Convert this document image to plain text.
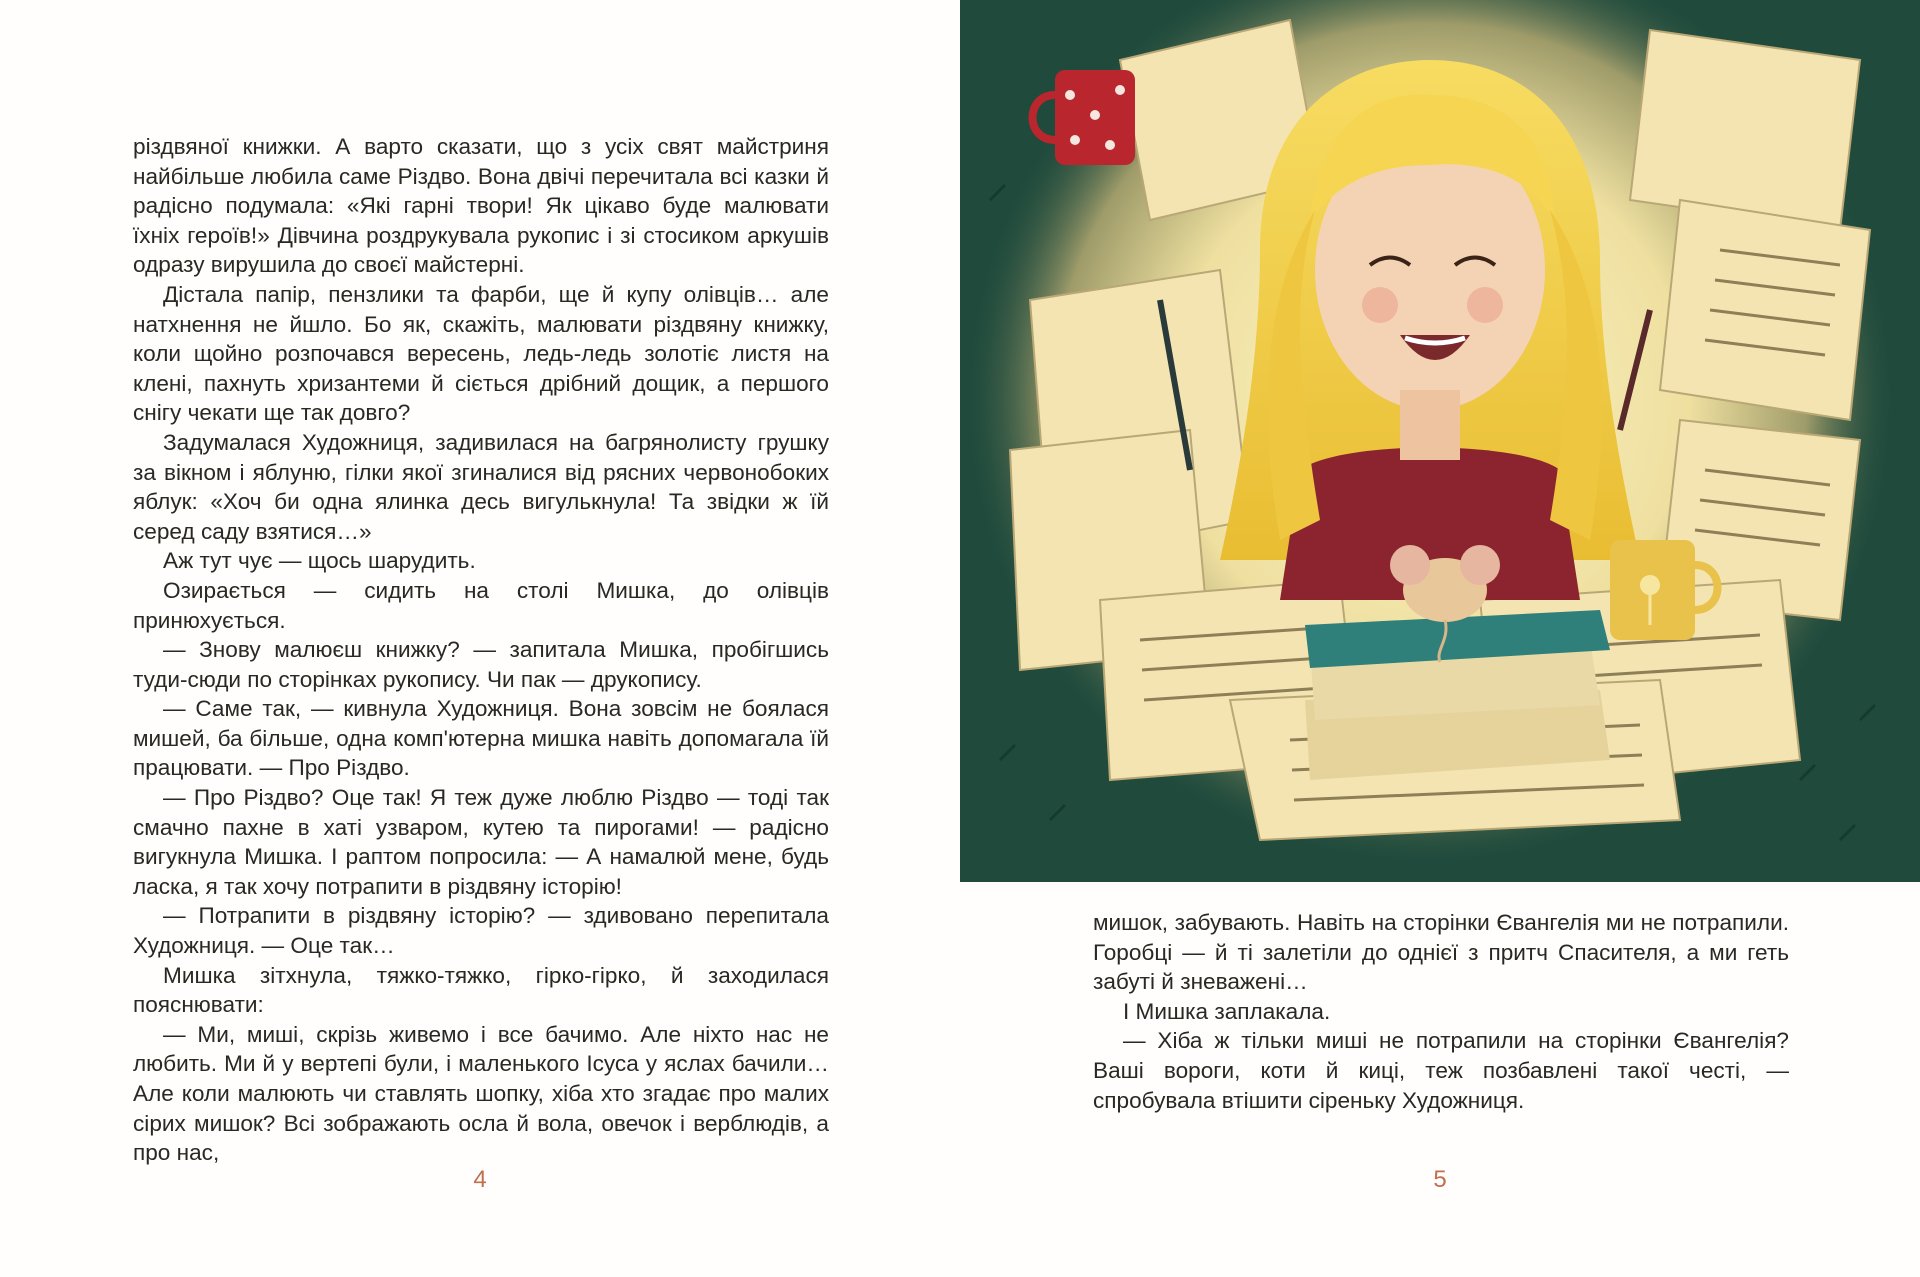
різдвяної книжки. А варто сказати, що з усіх свят майстриня найбільше любила саме Різдво. Вона двічі перечитала всі казки й радісно подумала: «Які гарні твори! Як цікаво буде малювати їхніх героїв!» Дівчина роздрукувала рукопис і зі стосиком аркушів одразу вирушила до своєї майстерні.

Дістала папір, пензлики та фарби, ще й купу олівців… але натхнення не йшло. Бо як, скажіть, малювати різдвяну книжку, коли щойно розпочався вересень, ледь-ледь золотіє листя на клені, пахнуть хризантеми й сіється дрібний дощик, а першого снігу чекати ще так довго?

Задумалася Художниця, задивилася на багрянолисту грушку за вікном і яблуню, гілки якої згиналися від рясних червонобоких яблук: «Хоч би одна ялинка десь вигулькнула! Та звідки ж їй серед саду взятися…»

Аж тут чує — щось шарудить.

Озирається — сидить на столі Мишка, до олівців принюхується.

— Знову малюєш книжку? — запитала Мишка, пробігшись туди-сюди по сторінках рукопису. Чи пак — друкопису.

— Саме так, — кивнула Художниця. Вона зовсім не боялася мишей, ба більше, одна комп'ютерна мишка навіть допомагала їй працювати. — Про Різдво.

— Про Різдво? Оце так! Я теж дуже люблю Різдво — тоді так смачно пахне в хаті узваром, кутею та пирогами! — радісно вигукнула Мишка. І раптом попросила: — А намалюй мене, будь ласка, я так хочу потрапити в різдвяну історію!

— Потрапити в різдвяну історію? — здивовано перепитала Художниця. — Оце так…

Мишка зітхнула, тяжко-тяжко, гірко-гірко, й заходилася пояснювати:

— Ми, миші, скрізь живемо і все бачимо. Але ніхто нас не любить. Ми й у вертепі були, і маленького Ісуса у яслах бачили… Але коли малюють чи ставлять шопку, хіба хто згадає про малих сірих мишок? Всі зображають осла й вола, овечок і верблюдів, а про нас,

4

мишок, забувають. Навіть на сторінки Євангелія ми не потрапили. Горобці — й ті залетіли до однієї з притч Спасителя, а ми геть забуті й зневажені…

І Мишка заплакала.

— Хіба ж тільки миші не потрапили на сторінки Євангелія? Ваші вороги, коти й киці, теж позбавлені такої честі, — спробувала втішити сіреньку Художниця.

5
